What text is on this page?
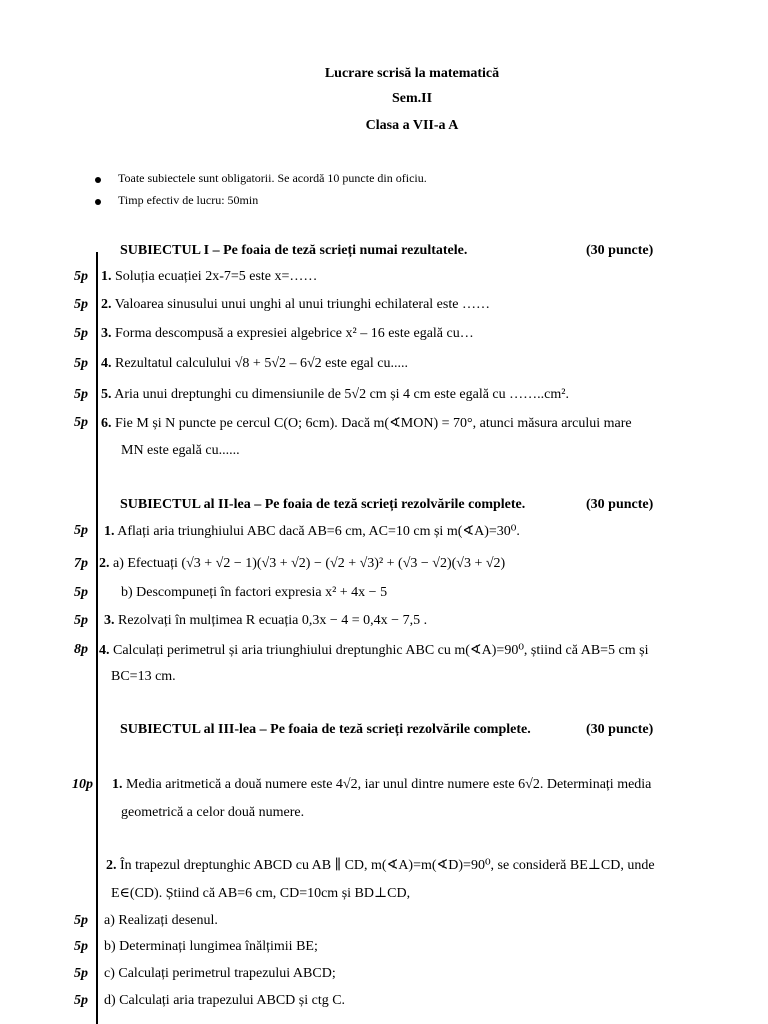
Lucrare scrisă la matematică
Sem.II
Clasa a VII-a A
Toate subiectele sunt obligatorii. Se acordă 10 puncte din oficiu.
Timp efectiv de lucru: 50min
SUBIECTUL I – Pe foaia de teză scrieți numai rezultatele.	(30 puncte)
5p 1. Soluția ecuației 2x-7=5 este x=……
5p 2. Valoarea sinusului unui unghi al unui triunghi echilateral este ……
5p 3. Forma descompusă a expresiei algebrice x² – 16 este egală cu…
5p 4. Rezultatul calculului √8 + 5√2 – 6√2 este egal cu.....
5p 5. Aria unui dreptunghi cu dimensiunile de 5√2 cm și 4 cm este egală cu ……..cm².
5p 6. Fie M și N puncte pe cercul C(O; 6cm). Dacă m(∢MON) = 70°, atunci măsura arcului mare
MN este egală cu......
SUBIECTUL al II-lea – Pe foaia de teză scrieți rezolvările complete.	(30 puncte)
5p 1. Aflați aria triunghiului ABC dacă AB=6 cm, AC=10 cm și m(∢A)=30⁰.
7p 2. a) Efectuați (√3 + √2 − 1)(√3 + √2) − (√2 + √3)² + (√3 − √2)(√3 + √2)
5p b) Descompuneți în factori expresia x² + 4x − 5
5p 3. Rezolvați în mulțimea R ecuația 0,3x − 4 = 0,4x − 7,5 .
8p 4. Calculați perimetrul și aria triunghiului dreptunghic ABC cu m(∢A)=90⁰, știind că AB=5 cm și
BC=13 cm.
SUBIECTUL al III-lea – Pe foaia de teză scrieți rezolvările complete.	(30 puncte)
10p 1. Media aritmetică a două numere este 4√2, iar unul dintre numere este 6√2. Determinați media
geometrică a celor două numere.
2. În trapezul dreptunghic ABCD cu AB ∥ CD, m(∢A)=m(∢D)=90⁰, se consideră BE⊥CD, unde
E∈(CD). Știind că AB=6 cm, CD=10cm și BD⊥CD,
5p a) Realizați desenul.
5p b) Determinați lungimea înălțimii BE;
5p c) Calculați perimetrul trapezului ABCD;
5p d) Calculați aria trapezului ABCD și ctg C.
